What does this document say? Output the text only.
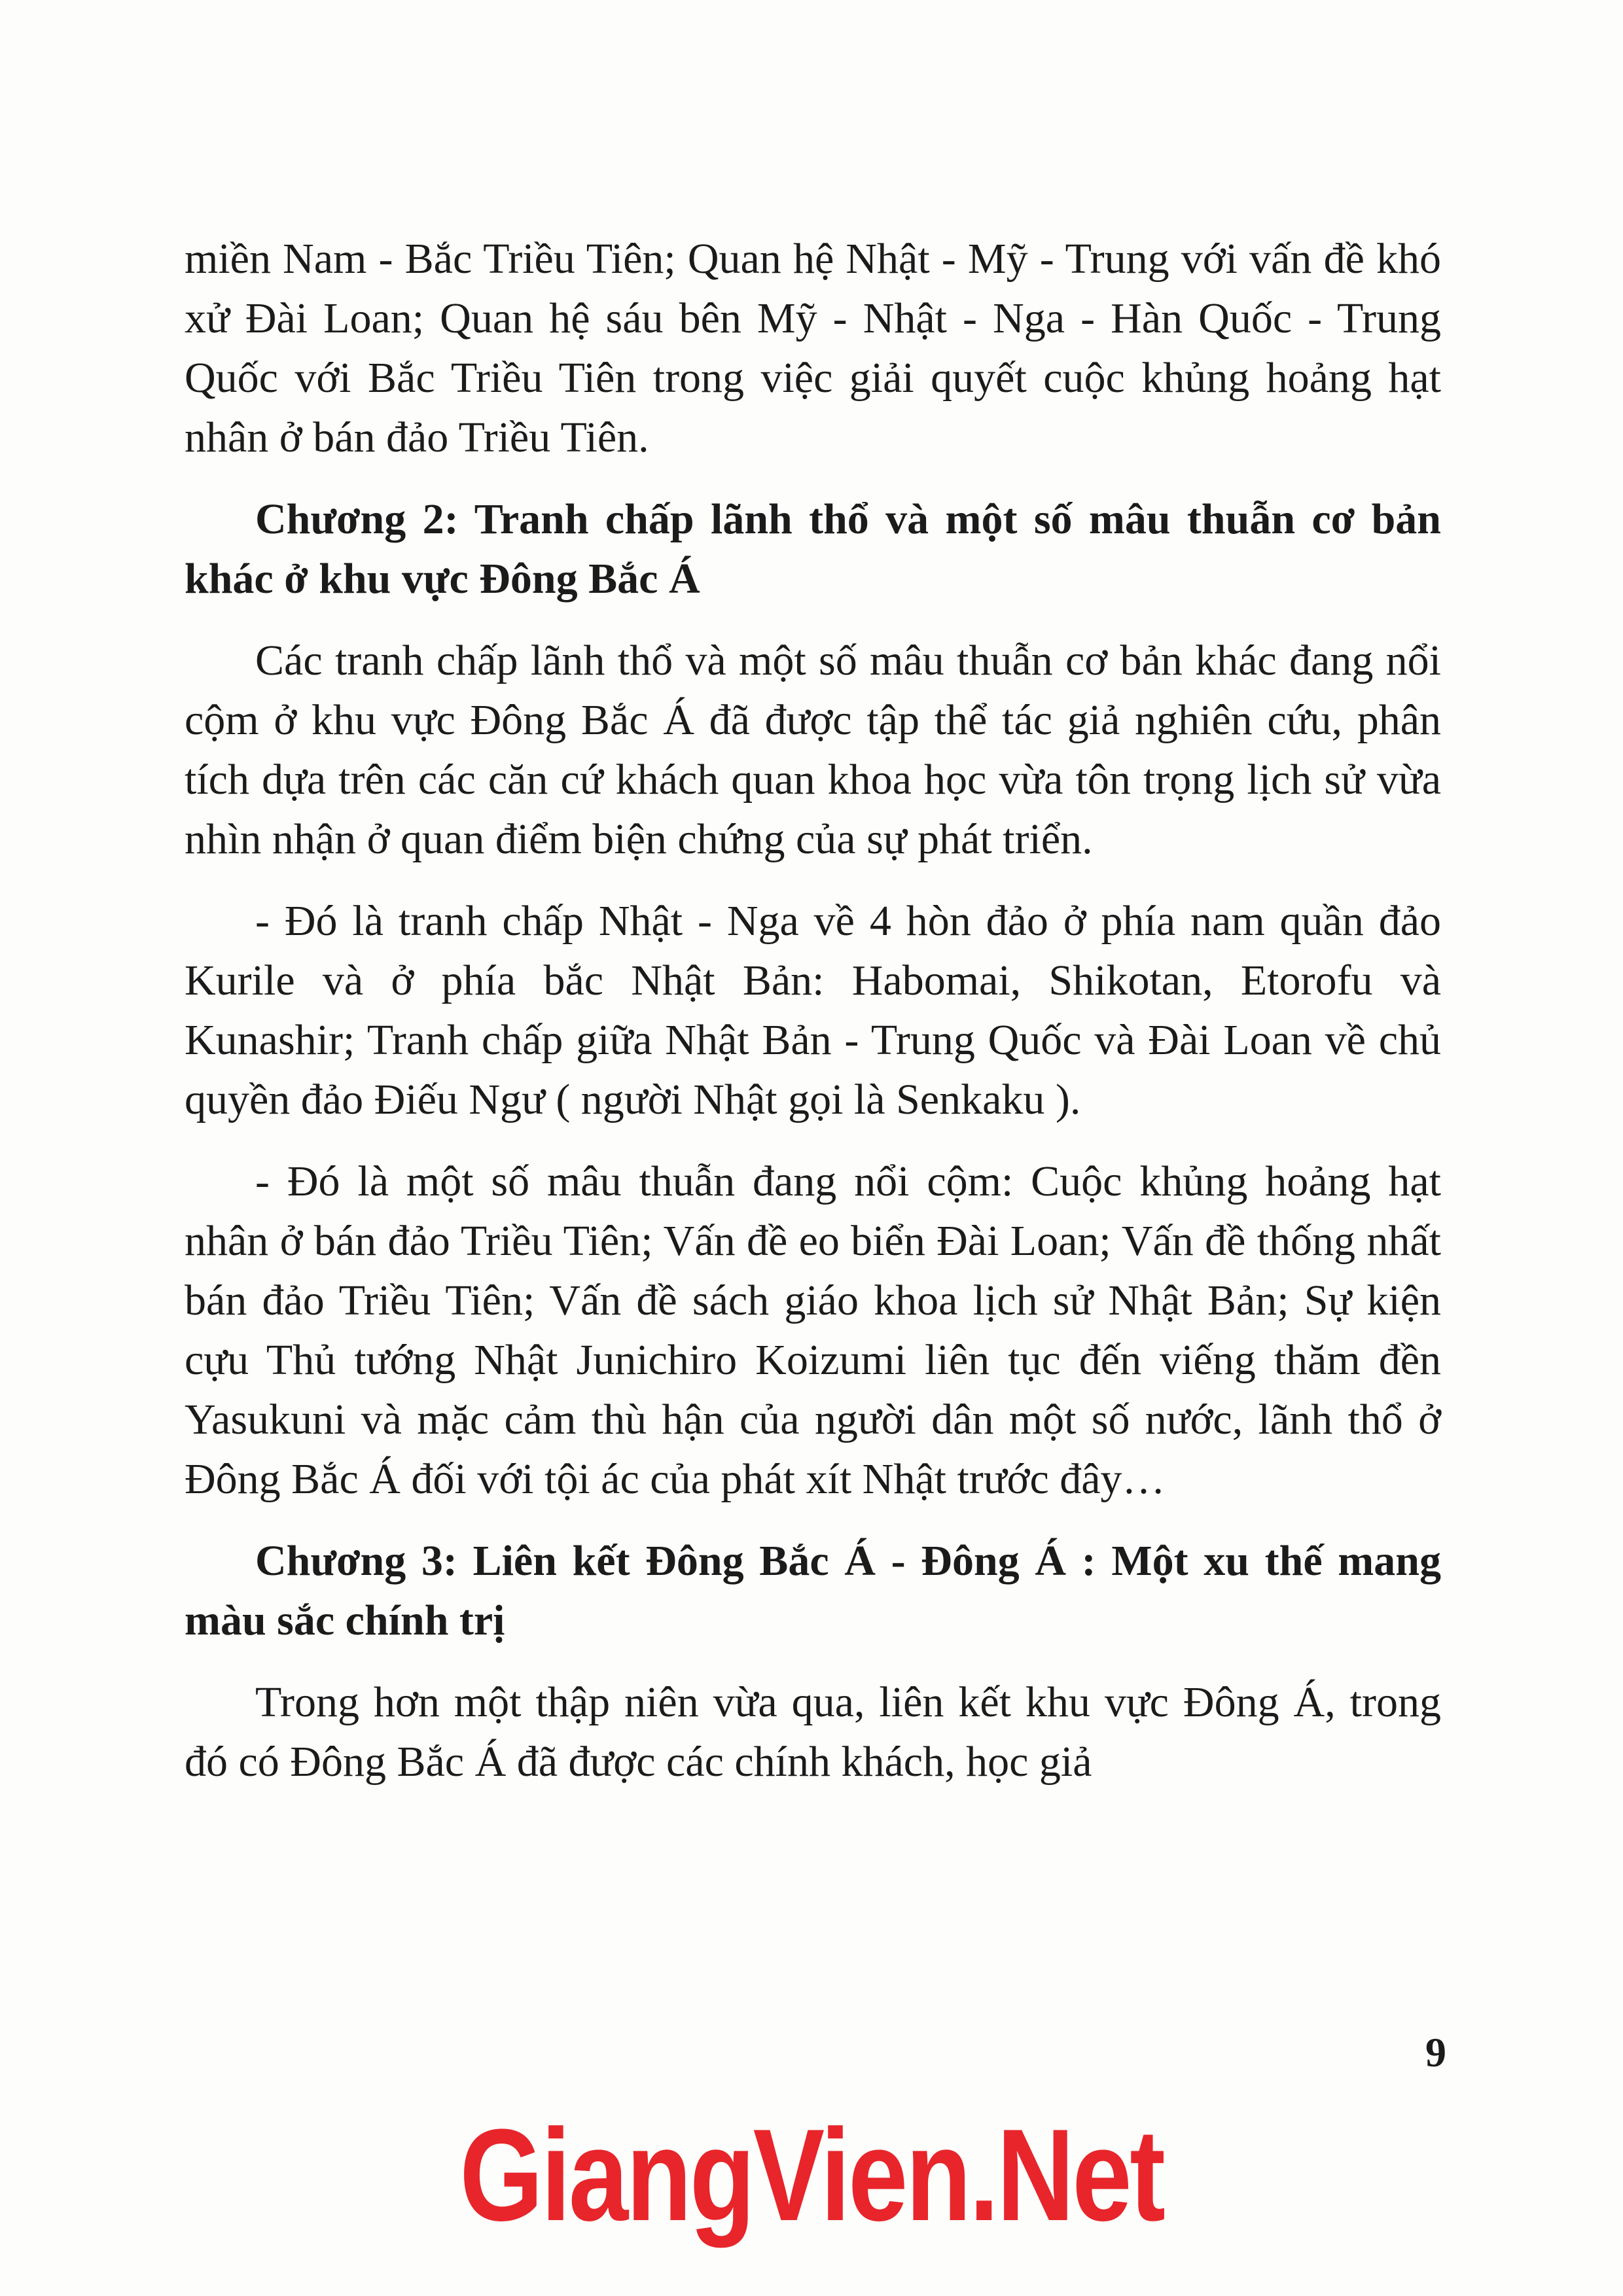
miền Nam - Bắc Triều Tiên; Quan hệ Nhật - Mỹ - Trung với vấn đề khó xử Đài Loan; Quan hệ sáu bên Mỹ - Nhật - Nga - Hàn Quốc - Trung Quốc với Bắc Triều Tiên trong việc giải quyết cuộc khủng hoảng hạt nhân ở bán đảo Triều Tiên.

Chương 2: Tranh chấp lãnh thổ và một số mâu thuẫn cơ bản khác ở khu vực Đông Bắc Á

Các tranh chấp lãnh thổ và một số mâu thuẫn cơ bản khác đang nổi cộm ở khu vực Đông Bắc Á đã được tập thể tác giả nghiên cứu, phân tích dựa trên các căn cứ khách quan khoa học vừa tôn trọng lịch sử vừa nhìn nhận ở quan điểm biện chứng của sự phát triển.

- Đó là tranh chấp Nhật - Nga về 4 hòn đảo ở phía nam quần đảo Kurile và ở phía bắc Nhật Bản: Habomai, Shikotan, Etorofu và Kunashir; Tranh chấp giữa Nhật Bản - Trung Quốc và Đài Loan về chủ quyền đảo Điếu Ngư ( người Nhật gọi là Senkaku ).

- Đó là một số mâu thuẫn đang nổi cộm: Cuộc khủng hoảng hạt nhân ở bán đảo Triều Tiên; Vấn đề eo biển Đài Loan; Vấn đề thống nhất bán đảo Triều Tiên; Vấn đề sách giáo khoa lịch sử Nhật Bản; Sự kiện cựu Thủ tướng Nhật Junichiro Koizumi liên tục đến viếng thăm đền Yasukuni và mặc cảm thù hận của người dân một số nước, lãnh thổ ở Đông Bắc Á đối với tội ác của phát xít Nhật trước đây…

Chương 3: Liên kết Đông Bắc Á - Đông Á : Một xu thế mang màu sắc chính trị

Trong hơn một thập niên vừa qua, liên kết khu vực Đông Á, trong đó có Đông Bắc Á đã được các chính khách, học giả

9
GiangVien.Net
